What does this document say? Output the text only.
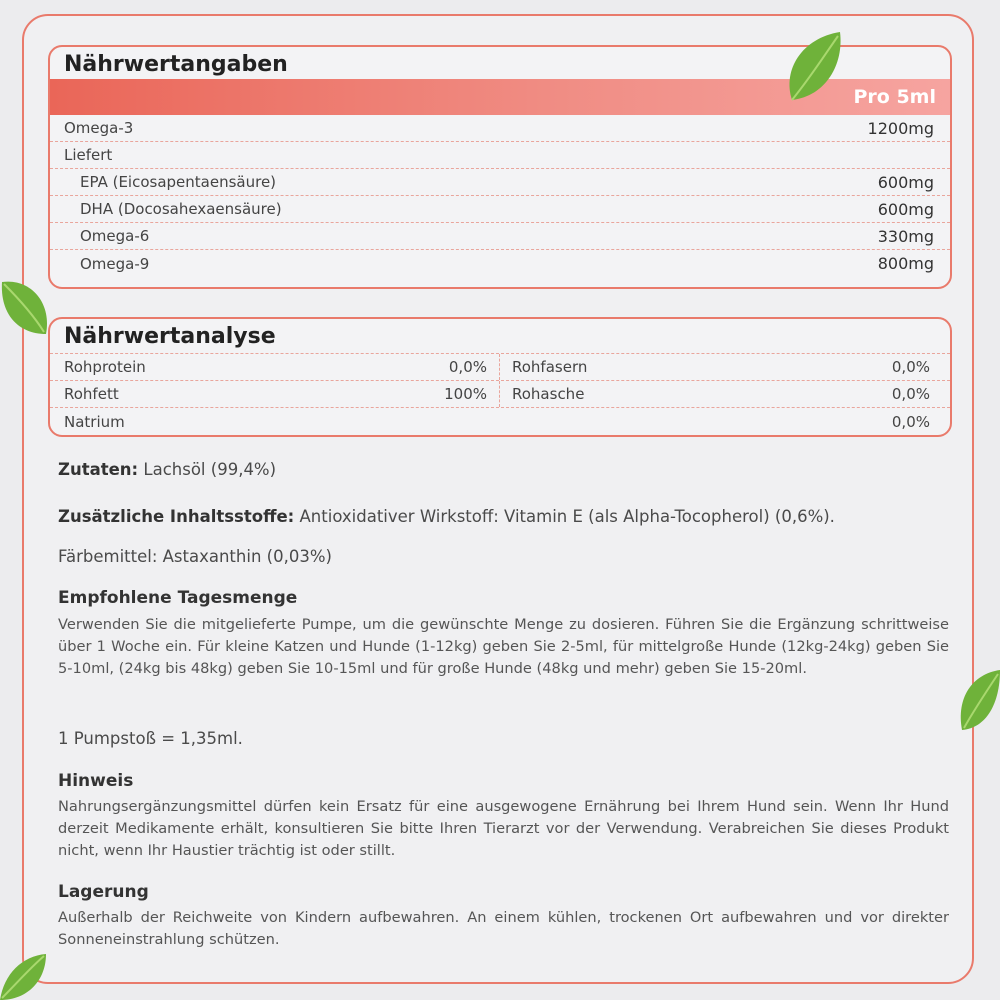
Nährwertangaben
Pro 5ml
Omega-3	1200mg
Liefert
EPA (Eicosapentaensäure)	600mg
DHA (Docosahexaensäure)	600mg
Omega-6	330mg
Omega-9	800mg
Nährwertanalyse
Rohprotein	0,0% Rohfasern	0,0%
Rohfett	100% Rohasche	0,0%
Natrium	0,0%
Zutaten: Lachsöl (99,4%)
Zusätzliche Inhaltsstoffe: Antioxidativer Wirkstoff: Vitamin E (als Alpha-Tocopherol) (0,6%).
Färbemittel: Astaxanthin (0,03%)
Empfohlene Tagesmenge
Verwenden Sie die mitgelieferte Pumpe, um die gewünschte Menge zu dosieren. Führen Sie die Ergänzung schrittweise über 1 Woche ein. Für kleine Katzen und Hunde (1-12kg) geben Sie 2-5ml, für mittelgroße Hunde (12kg-24kg) geben Sie 5-10ml, (24kg bis 48kg) geben Sie 10-15ml und für große Hunde (48kg und mehr) geben Sie 15-20ml.
1 Pumpstoß = 1,35ml.
Hinweis
Nahrungsergänzungsmittel dürfen kein Ersatz für eine ausgewogene Ernährung bei Ihrem Hund sein. Wenn Ihr Hund derzeit Medikamente erhält, konsultieren Sie bitte Ihren Tierarzt vor der Verwendung. Verabreichen Sie dieses Produkt nicht, wenn Ihr Haustier trächtig ist oder stillt.
Lagerung
Außerhalb der Reichweite von Kindern aufbewahren. An einem kühlen, trockenen Ort aufbewahren und vor direkter Sonneneinstrahlung schützen.
